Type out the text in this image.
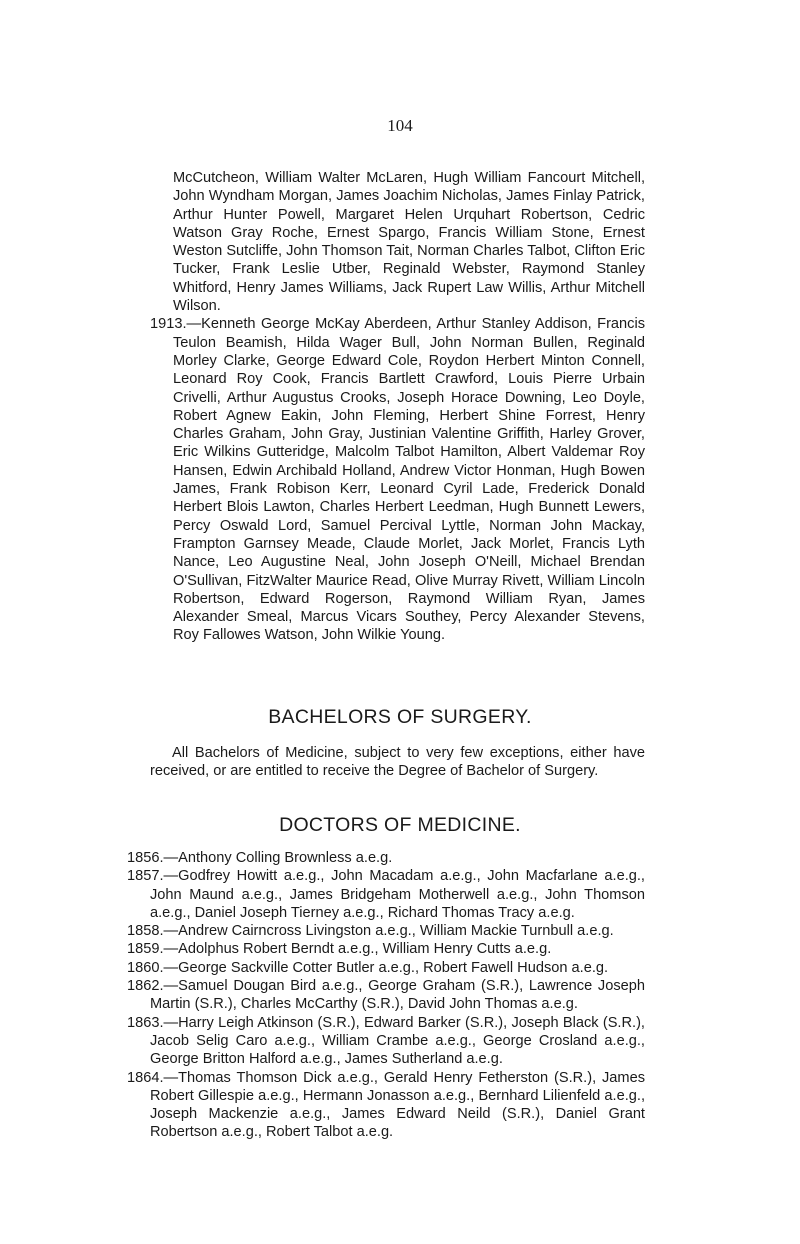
104

McCutcheon, William Walter McLaren, Hugh William Fancourt Mitchell, John Wyndham Morgan, James Joachim Nicholas, James Finlay Patrick, Arthur Hunter Powell, Margaret Helen Urquhart Robertson, Cedric Watson Gray Roche, Ernest Spargo, Francis William Stone, Ernest Weston Sutcliffe, John Thomson Tait, Norman Charles Talbot, Clifton Eric Tucker, Frank Leslie Utber, Reginald Webster, Raymond Stanley Whitford, Henry James Williams, Jack Rupert Law Willis, Arthur Mitchell Wilson.

1913.—Kenneth George McKay Aberdeen, Arthur Stanley Addison, Francis Teulon Beamish, Hilda Wager Bull, John Norman Bullen, Reginald Morley Clarke, George Edward Cole, Roydon Herbert Minton Connell, Leonard Roy Cook, Francis Bartlett Crawford, Louis Pierre Urbain Crivelli, Arthur Augustus Crooks, Joseph Horace Downing, Leo Doyle, Robert Agnew Eakin, John Fleming, Herbert Shine Forrest, Henry Charles Graham, John Gray, Justinian Valentine Griffith, Harley Grover, Eric Wilkins Gutteridge, Malcolm Talbot Hamilton, Albert Valdemar Roy Hansen, Edwin Archibald Holland, Andrew Victor Honman, Hugh Bowen James, Frank Robison Kerr, Leonard Cyril Lade, Frederick Donald Herbert Blois Lawton, Charles Herbert Leedman, Hugh Bunnett Lewers, Percy Oswald Lord, Samuel Percival Lyttle, Norman John Mackay, Frampton Garnsey Meade, Claude Morlet, Jack Morlet, Francis Lyth Nance, Leo Augustine Neal, John Joseph O'Neill, Michael Brendan O'Sullivan, FitzWalter Maurice Read, Olive Murray Rivett, William Lincoln Robertson, Edward Rogerson, Raymond William Ryan, James Alexander Smeal, Marcus Vicars Southey, Percy Alexander Stevens, Roy Fallowes Watson, John Wilkie Young.

BACHELORS OF SURGERY.

All Bachelors of Medicine, subject to very few exceptions, either have received, or are entitled to receive the Degree of Bachelor of Surgery.

DOCTORS OF MEDICINE.

1856.—Anthony Colling Brownless a.e.g.

1857.—Godfrey Howitt a.e.g., John Macadam a.e.g., John Macfarlane a.e.g., John Maund a.e.g., James Bridgeham Motherwell a.e.g., John Thomson a.e.g., Daniel Joseph Tierney a.e.g., Richard Thomas Tracy a.e.g.

1858.—Andrew Cairncross Livingston a.e.g., William Mackie Turnbull a.e.g.

1859.—Adolphus Robert Berndt a.e.g., William Henry Cutts a.e.g.

1860.—George Sackville Cotter Butler a.e.g., Robert Fawell Hudson a.e.g.

1862.—Samuel Dougan Bird a.e.g., George Graham (S.R.), Lawrence Joseph Martin (S.R.), Charles McCarthy (S.R.), David John Thomas a.e.g.

1863.—Harry Leigh Atkinson (S.R.), Edward Barker (S.R.), Joseph Black (S.R.), Jacob Selig Caro a.e.g., William Crambe a.e.g., George Crosland a.e.g., George Britton Halford a.e.g., James Sutherland a.e.g.

1864.—Thomas Thomson Dick a.e.g., Gerald Henry Fetherston (S.R.), James Robert Gillespie a.e.g., Hermann Jonasson a.e.g., Bernhard Lilienfeld a.e.g., Joseph Mackenzie a.e.g., James Edward Neild (S.R.), Daniel Grant Robertson a.e.g., Robert Talbot a.e.g.
